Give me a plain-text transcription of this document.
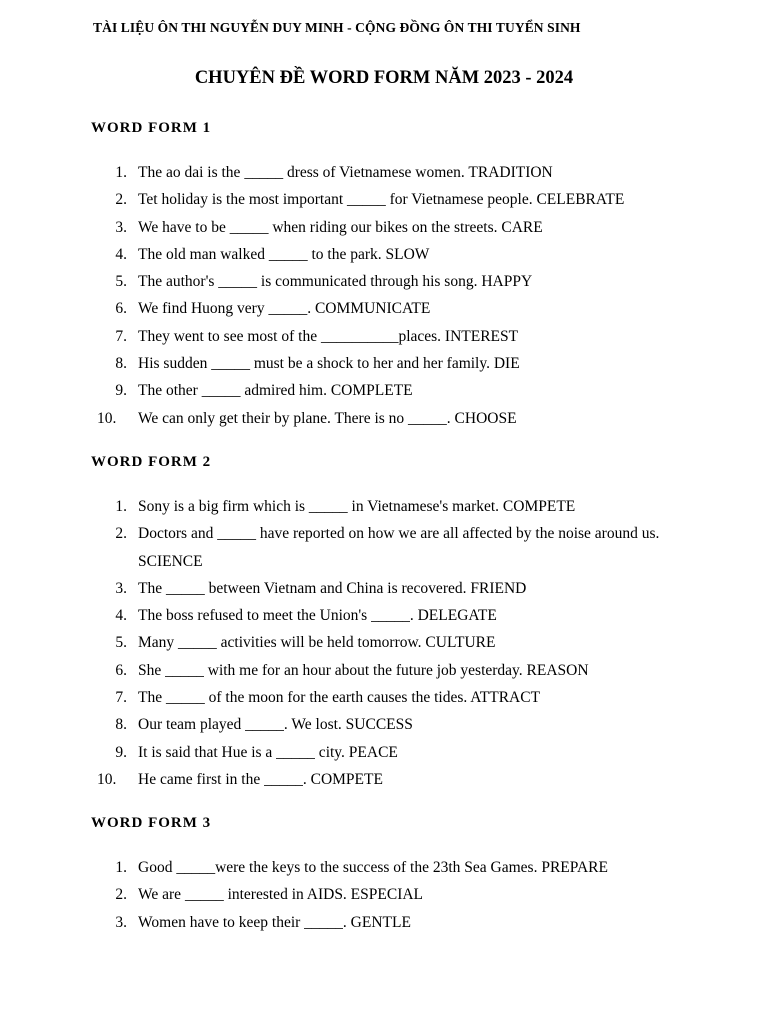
TÀI LIỆU ÔN THI NGUYỄN DUY MINH - CỘNG ĐỒNG ÔN THI TUYỂN SINH
CHUYÊN ĐỀ WORD FORM NĂM 2023 - 2024
WORD FORM 1
1. The ao dai is the _____ dress of Vietnamese women. TRADITION
2. Tet holiday is the most important _____ for Vietnamese people. CELEBRATE
3. We have to be _____ when riding our bikes on the streets. CARE
4. The old man walked _____ to the park. SLOW
5. The author's _____ is communicated through his song. HAPPY
6. We find Huong very _____. COMMUNICATE
7. They went to see most of the __________places. INTEREST
8. His sudden _____ must be a shock to her and her family. DIE
9. The other _____ admired him. COMPLETE
10.	We can only get their by plane. There is no _____. CHOOSE
WORD FORM 2
1. Sony is a big firm which is _____ in Vietnamese's market. COMPETE
2. Doctors and _____ have reported on how we are all affected by the noise around us. SCIENCE
3. The _____ between Vietnam and China is recovered. FRIEND
4. The boss refused to meet the Union's _____. DELEGATE
5. Many _____ activities will be held tomorrow. CULTURE
6. She _____ with me for an hour about the future job yesterday. REASON
7. The _____ of the moon for the earth causes the tides. ATTRACT
8. Our team played _____. We lost. SUCCESS
9. It is said that Hue is a _____ city. PEACE
10.	He came first in the _____. COMPETE
WORD FORM 3
1. Good _____were the keys to the success of the 23th Sea Games. PREPARE
2. We are _____ interested in AIDS. ESPECIAL
3. Women have to keep their _____. GENTLE
